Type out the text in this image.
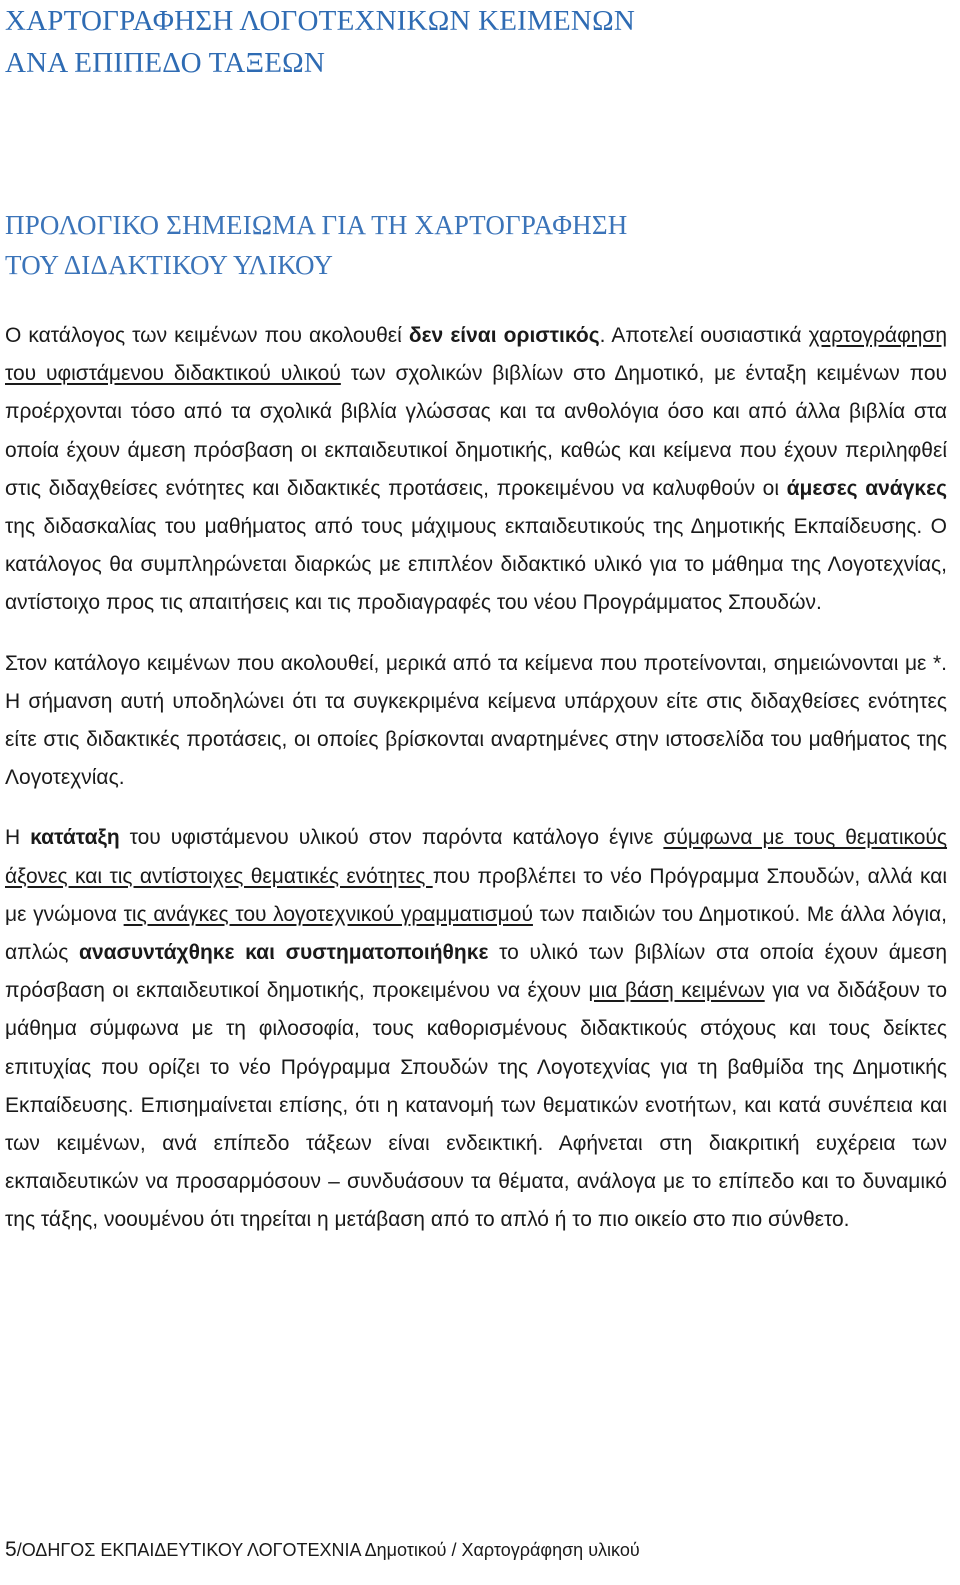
ΧΑΡΤΟΓΡΑΦΗΣΗ ΛΟΓΟΤΕΧΝΙΚΩΝ ΚΕΙΜΕΝΩΝ
ΑΝΑ ΕΠΙΠΕΔΟ ΤΑΞΕΩΝ
ΠΡΟΛΟΓΙΚΟ ΣΗΜΕΙΩΜΑ ΓΙΑ ΤΗ ΧΑΡΤΟΓΡΑΦΗΣΗ
ΤΟΥ ΔΙΔΑΚΤΙΚΟΥ ΥΛΙΚΟΥ

Ο κατάλογος των κειμένων που ακολουθεί δεν είναι οριστικός. Αποτελεί ουσιαστικά χαρτογράφηση του υφιστάμενου διδακτικού υλικού των σχολικών βιβλίων στο Δημοτικό, με ένταξη κειμένων που προέρχονται τόσο από τα σχολικά βιβλία γλώσσας και τα ανθολόγια όσο και από άλλα βιβλία στα οποία έχουν άμεση πρόσβαση οι εκπαιδευτικοί δημοτικής, καθώς και κείμενα που έχουν περιληφθεί στις διδαχθείσες ενότητες και διδακτικές προτάσεις, προκειμένου να καλυφθούν οι άμεσες ανάγκες της διδασκαλίας του μαθήματος από τους μάχιμους εκπαιδευτικούς της Δημοτικής Εκπαίδευσης. Ο κατάλογος θα συμπληρώνεται διαρκώς με επιπλέον διδακτικό υλικό για το μάθημα της Λογοτεχνίας, αντίστοιχο προς τις απαιτήσεις και τις προδιαγραφές του νέου Προγράμματος Σπουδών.

Στον κατάλογο κειμένων που ακολουθεί, μερικά από τα κείμενα που προτείνονται, σημειώνονται με *. Η σήμανση αυτή υποδηλώνει ότι τα συγκεκριμένα κείμενα υπάρχουν είτε στις διδαχθείσες ενότητες είτε στις διδακτικές προτάσεις, οι οποίες βρίσκονται αναρτημένες στην ιστοσελίδα του μαθήματος της Λογοτεχνίας.

Η κατάταξη του υφιστάμενου υλικού στον παρόντα κατάλογο έγινε σύμφωνα με τους θεματικούς άξονες και τις αντίστοιχες θεματικές ενότητες που προβλέπει το νέο Πρόγραμμα Σπουδών, αλλά και με γνώμονα τις ανάγκες του λογοτεχνικού γραμματισμού των παιδιών του Δημοτικού. Με άλλα λόγια, απλώς ανασυντάχθηκε και συστηματοποιήθηκε το υλικό των βιβλίων στα οποία έχουν άμεση πρόσβαση οι εκπαιδευτικοί δημοτικής, προκειμένου να έχουν μια βάση κειμένων για να διδάξουν το μάθημα σύμφωνα με τη φιλοσοφία, τους καθορισμένους διδακτικούς στόχους και τους δείκτες επιτυχίας που ορίζει το νέο Πρόγραμμα Σπουδών της Λογοτεχνίας για τη βαθμίδα της Δημοτικής Εκπαίδευσης. Επισημαίνεται επίσης, ότι η κατανομή των θεματικών ενοτήτων, και κατά συνέπεια και των κειμένων, ανά επίπεδο τάξεων είναι ενδεικτική. Αφήνεται στη διακριτική ευχέρεια των εκπαιδευτικών να προσαρμόσουν – συνδυάσουν τα θέματα, ανάλογα με το επίπεδο και το δυναμικό της τάξης, νοουμένου ότι τηρείται η μετάβαση από το απλό ή το πιο οικείο στο πιο σύνθετο.

5/ΟΔΗΓΟΣ ΕΚΠΑΙΔΕΥΤΙΚΟΥ ΛΟΓΟΤΕΧΝΙΑ Δημοτικού / Χαρτογράφηση υλικού
